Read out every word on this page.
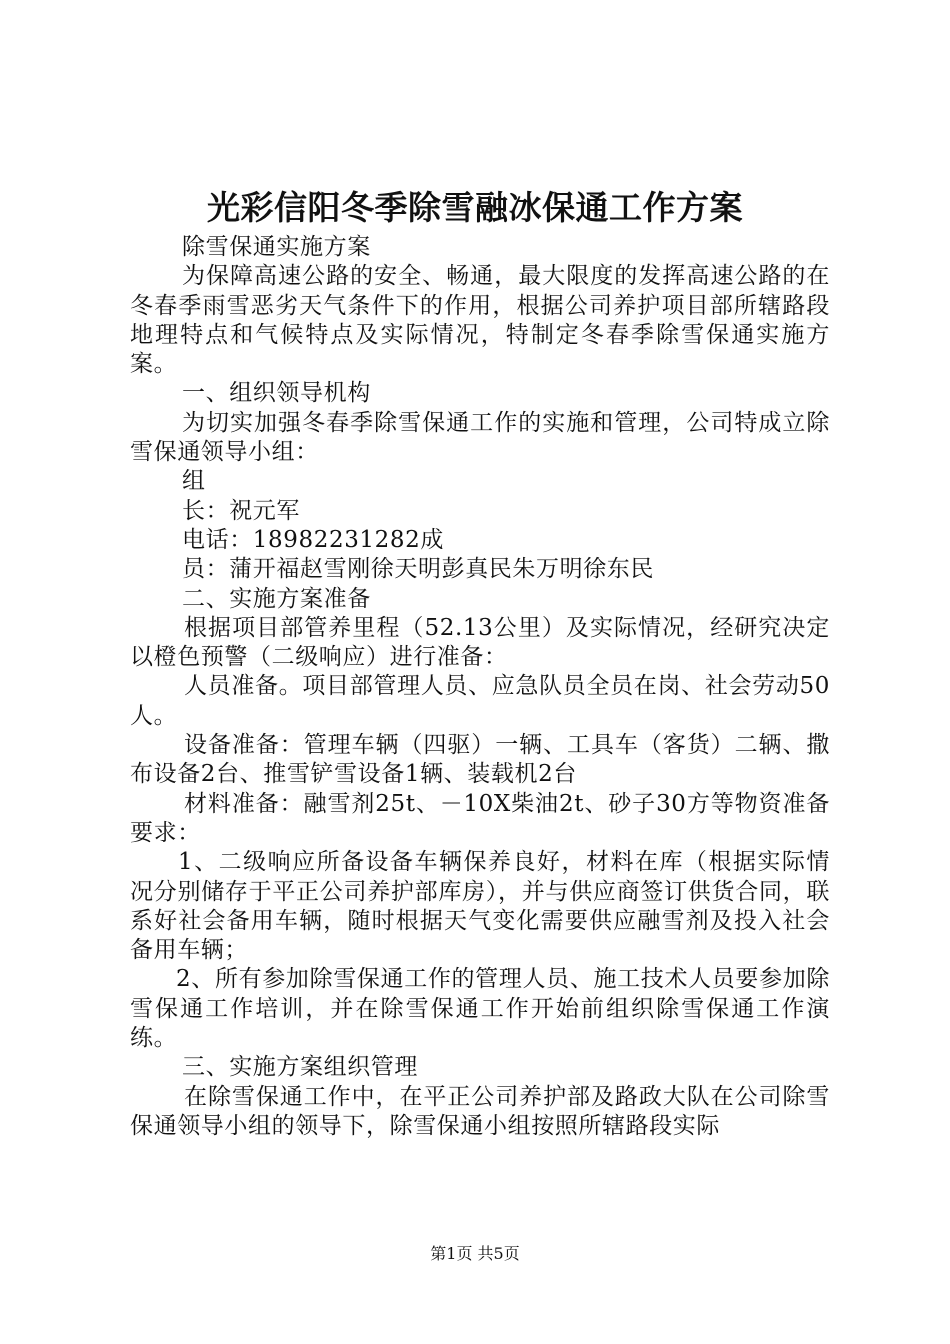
光彩信阳冬季除雪融冰保通工作方案

除雪保通实施方案

为保障高速公路的安全、畅通，最大限度的发挥高速公路的在冬春季雨雪恶劣天气条件下的作用，根据公司养护项目部所辖路段地理特点和气候特点及实际情况，特制定冬春季除雪保通实施方案。

一、组织领导机构

为切实加强冬春季除雪保通工作的实施和管理，公司特成立除雪保通领导小组：

组

长：祝元军

电话：18982231282成

员：蒲开福赵雪刚徐天明彭真民朱万明徐东民

二、实施方案准备

根据项目部管养里程（52.13公里）及实际情况，经研究决定以橙色预警（二级响应）进行准备：

人员准备。项目部管理人员、应急队员全员在岗、社会劳动50人。

设备准备：管理车辆（四驱）一辆、工具车（客货）二辆、撒布设备2台、推雪铲雪设备1辆、装载机2台

材料准备：融雪剂25t、－10X柴油2t、砂子30方等物资准备要求：

1、二级响应所备设备车辆保养良好，材料在库（根据实际情况分别储存于平正公司养护部库房），并与供应商签订供货合同，联系好社会备用车辆，随时根据天气变化需要供应融雪剂及投入社会备用车辆；

2、所有参加除雪保通工作的管理人员、施工技术人员要参加除雪保通工作培训，并在除雪保通工作开始前组织除雪保通工作演练。

三、实施方案组织管理

在除雪保通工作中，在平正公司养护部及路政大队在公司除雪保通领导小组的领导下，除雪保通小组按照所辖路段实际

第1页 共5页
